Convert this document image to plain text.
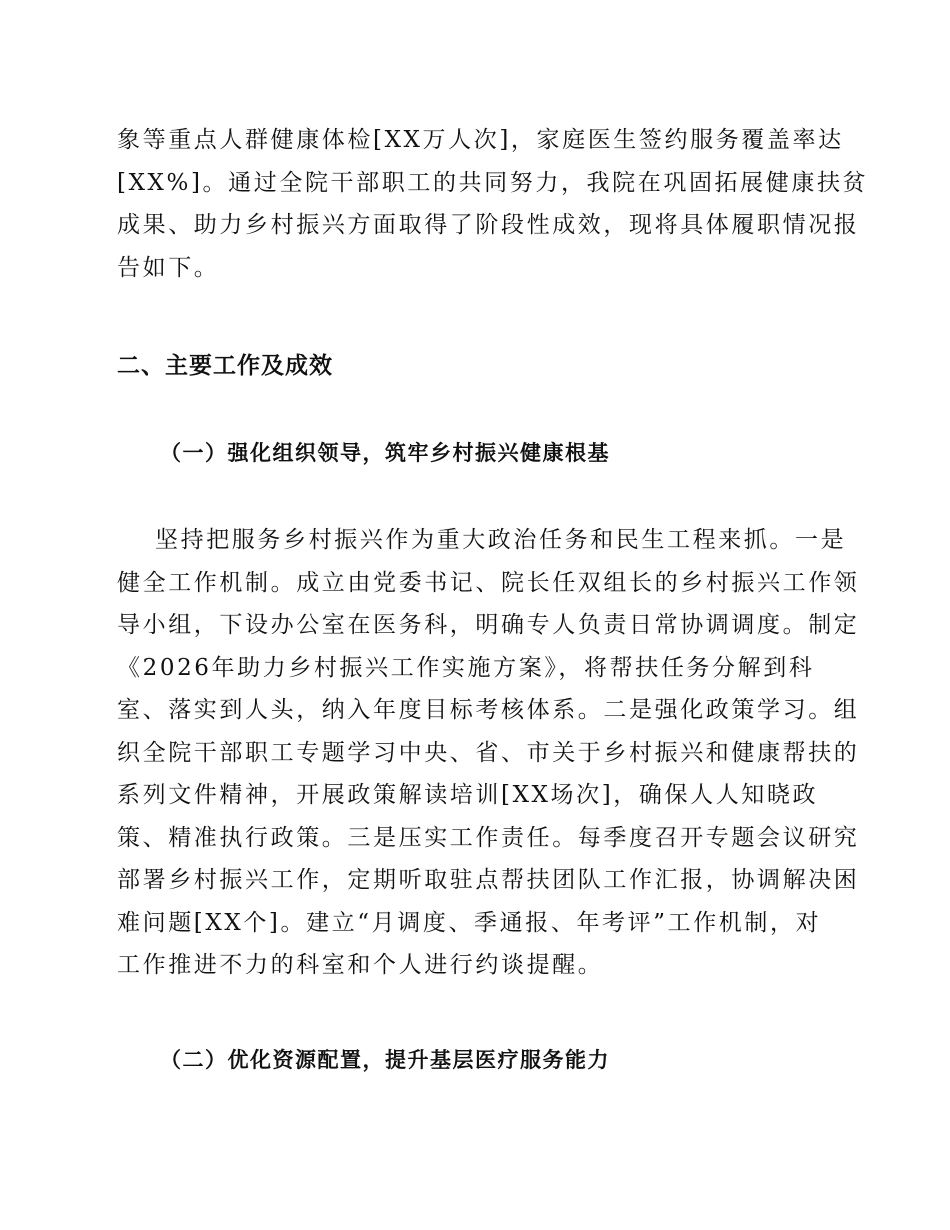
象等重点人群健康体检[XX万人次]，家庭医生签约服务覆盖率达
[XX%]。通过全院干部职工的共同努力，我院在巩固拓展健康扶贫
成果、助力乡村振兴方面取得了阶段性成效，现将具体履职情况报
告如下。
二、主要工作及成效
（一）强化组织领导，筑牢乡村振兴健康根基
坚持把服务乡村振兴作为重大政治任务和民生工程来抓。一是
健全工作机制。成立由党委书记、院长任双组长的乡村振兴工作领
导小组，下设办公室在医务科，明确专人负责日常协调调度。制定
《2026年助力乡村振兴工作实施方案》，将帮扶任务分解到科
室、落实到人头，纳入年度目标考核体系。二是强化政策学习。组
织全院干部职工专题学习中央、省、市关于乡村振兴和健康帮扶的
系列文件精神，开展政策解读培训[XX场次]，确保人人知晓政
策、精准执行政策。三是压实工作责任。每季度召开专题会议研究
部署乡村振兴工作，定期听取驻点帮扶团队工作汇报，协调解决困
难问题[XX个]。建立“月调度、季通报、年考评”工作机制，对
工作推进不力的科室和个人进行约谈提醒。
（二）优化资源配置，提升基层医疗服务能力
